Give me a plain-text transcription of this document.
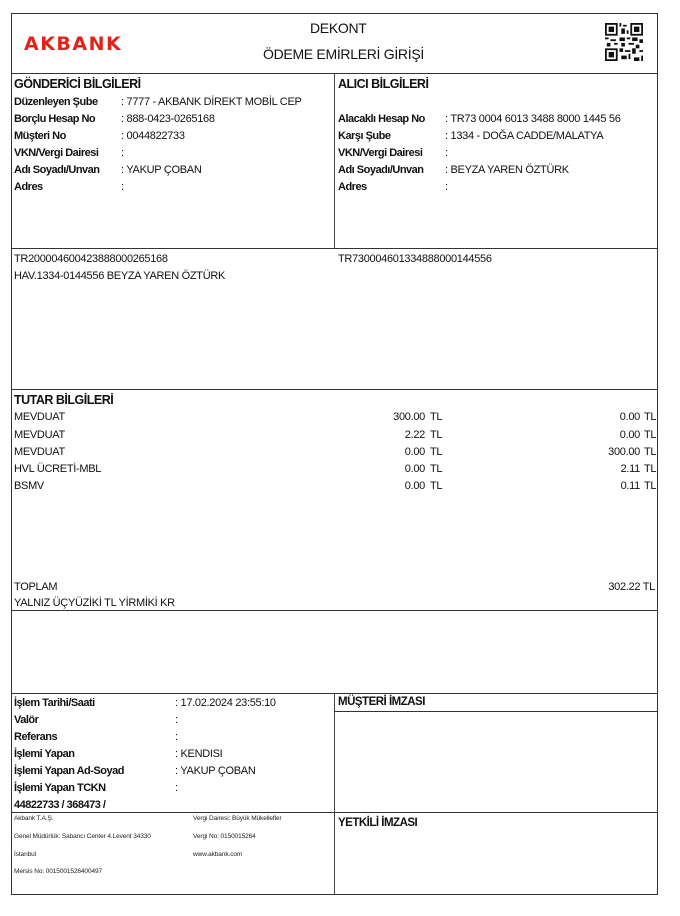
AKBANK
DEKONT
ÖDEME EMİRLERİ GİRİŞİ
GÖNDERİCİ BİLGİLERİ
Düzenleyen Şube : 7777 - AKBANK DİREKT MOBİL CEP
Borçlu Hesap No : 888-0423-0265168
Müşteri No	: 0044822733
VKN/Vergi Dairesi :
Adı Soyadı/Unvan : YAKUP ÇOBAN
Adres	:
ALICI BİLGİLERİ
Alacaklı Hesap No : TR73 0004 6013 3488 8000 1445 56
Karşı Şube	: 1334 - DOĞA CADDE/MALATYA
VKN/Vergi Dairesi :
Adı Soyadı/Unvan : BEYZA YAREN ÖZTÜRK
Adres	:
TR200004600423888000265168	TR730004601334888000144556
HAV.1334-0144556 BEYZA YAREN ÖZTÜRK
TUTAR BİLGİLERİ
MEVDUAT	300.00 TL	0.00 TL
MEVDUAT	2.22 TL	0.00 TL
MEVDUAT	0.00 TL	300.00 TL
HVL ÜCRETİ-MBL	0.00 TL	2.11 TL
BSMV	0.00 TL	0.11 TL
TOPLAM	302.22 TL
YALNIZ ÜÇYÜZİKİ TL YİRMİKİ KR
İşlem Tarihi/Saati	: 17.02.2024 23:55:10
Valör	:
Referans	:
İşlemi Yapan	: KENDISI
İşlemi Yapan Ad-Soyad	: YAKUP ÇOBAN
İşlemi Yapan TCKN	:
44822733 / 368473 /
MÜŞTERİ İMZASI
YETKİLİ İMZASI
Akbank T.A.Ş.
Genel Müdürlük: Sabancı Center 4.Levent 34330
İstanbul
Mersis No: 0015001526400497
Vergi Dairesi: Büyük Mükellefler
Vergi No: 0150015264
www.akbank.com
